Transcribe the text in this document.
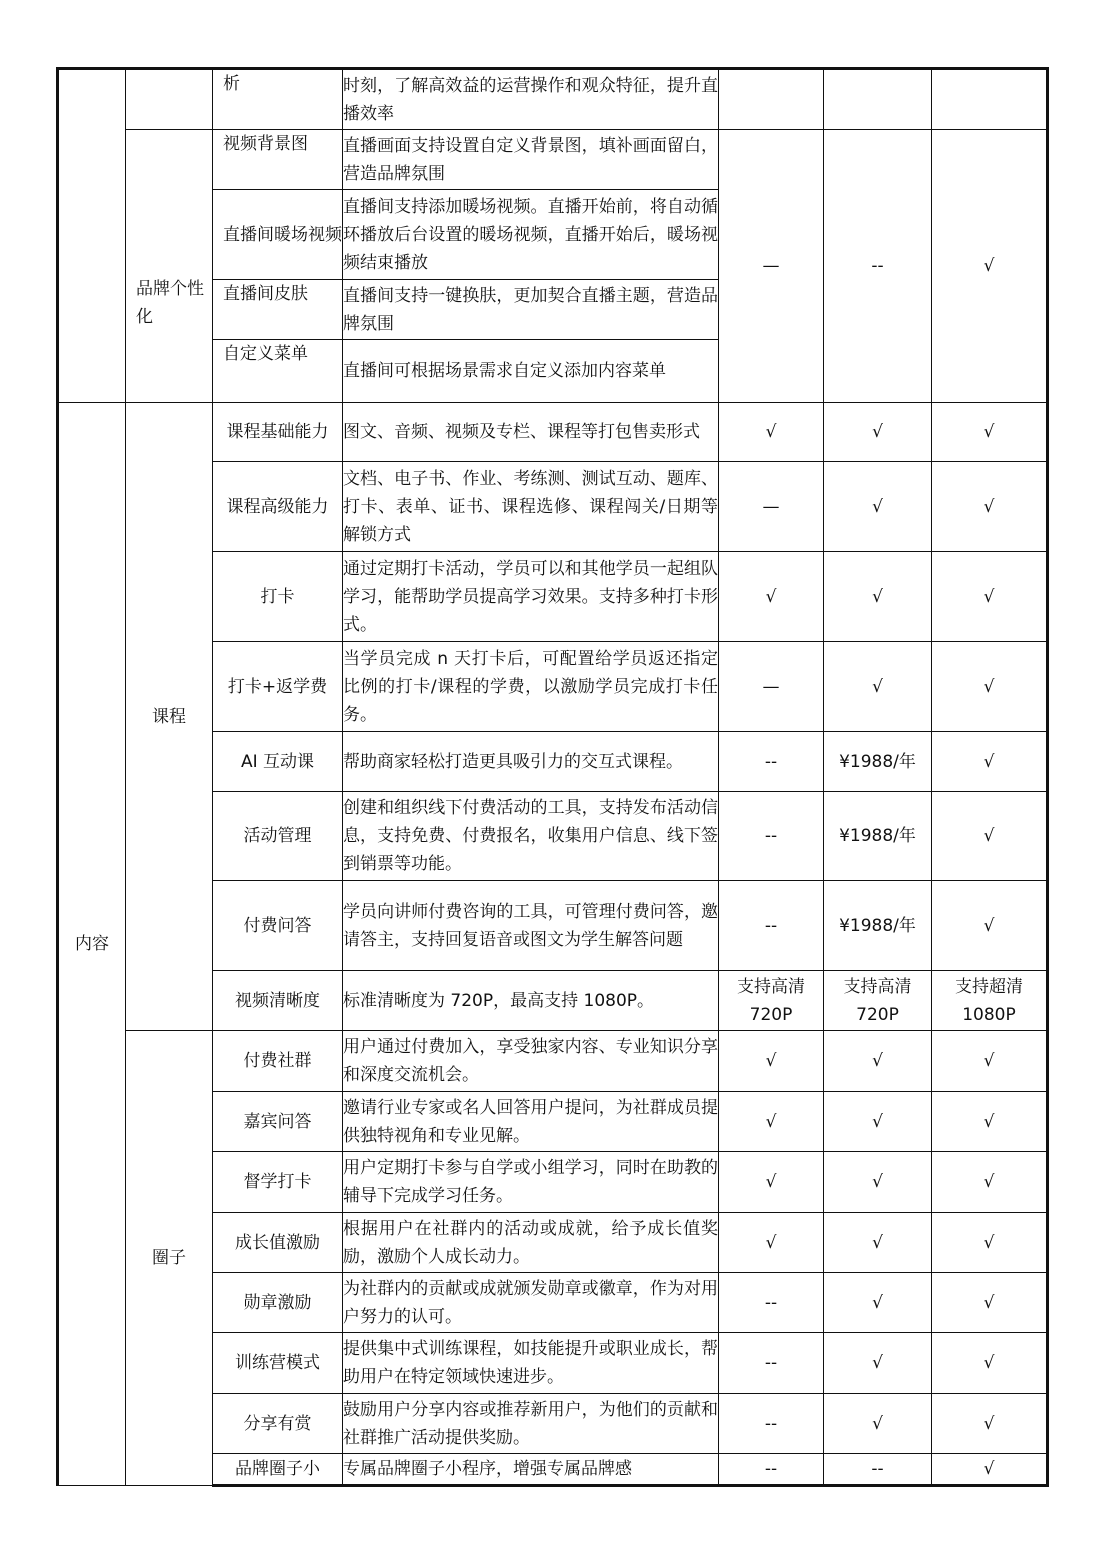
		析	时刻，了解高效益的运营操作和观众特征，提升直播效率			
	品牌个性化	视频背景图	直播画面支持设置自定义背景图，填补画面留白，营造品牌氛围	—	--	√
		直播间暖场视频	直播间支持添加暖场视频。直播开始前，将自动循环播放后台设置的暖场视频，直播开始后，暖场视频结束播放			
		直播间皮肤	直播间支持一键换肤，更加契合直播主题，营造品牌氛围			
		自定义菜单	直播间可根据场景需求自定义添加内容菜单			

内容	课程	课程基础能力	图文、音频、视频及专栏、课程等打包售卖形式	√	√	√
		课程高级能力	文档、电子书、作业、考练测、测试互动、题库、打卡、表单、证书、课程选修、课程闯关/日期等解锁方式	—	√	√
		打卡	通过定期打卡活动，学员可以和其他学员一起组队学习，能帮助学员提高学习效果。支持多种打卡形式。	√	√	√
		打卡+返学费	当学员完成 n 天打卡后，可配置给学员返还指定比例的打卡/课程的学费，以激励学员完成打卡任务。	—	√	√
		AI 互动课	帮助商家轻松打造更具吸引力的交互式课程。	--	¥1988/年	√
		活动管理	创建和组织线下付费活动的工具，支持发布活动信息，支持免费、付费报名，收集用户信息、线下签到销票等功能。	--	¥1988/年	√
		付费问答	学员向讲师付费咨询的工具，可管理付费问答，邀请答主，支持回复语音或图文为学生解答问题	--	¥1988/年	√
		视频清晰度	标准清晰度为 720P，最高支持 1080P。	支持高清720P	支持高清720P	支持超清1080P
	圈子	付费社群	用户通过付费加入，享受独家内容、专业知识分享和深度交流机会。	√	√	√
		嘉宾问答	邀请行业专家或名人回答用户提问，为社群成员提供独特视角和专业见解。	√	√	√
		督学打卡	用户定期打卡参与自学或小组学习，同时在助教的辅导下完成学习任务。	√	√	√
		成长值激励	根据用户在社群内的活动或成就，给予成长值奖励，激励个人成长动力。	√	√	√
		勋章激励	为社群内的贡献或成就颁发勋章或徽章，作为对用户努力的认可。	--	√	√
		训练营模式	提供集中式训练课程，如技能提升或职业成长，帮助用户在特定领域快速进步。	--	√	√
		分享有赏	鼓励用户分享内容或推荐新用户，为他们的贡献和社群推广活动提供奖励。	--	√	√
		品牌圈子小	专属品牌圈子小程序，增强专属品牌感	--	--	√
